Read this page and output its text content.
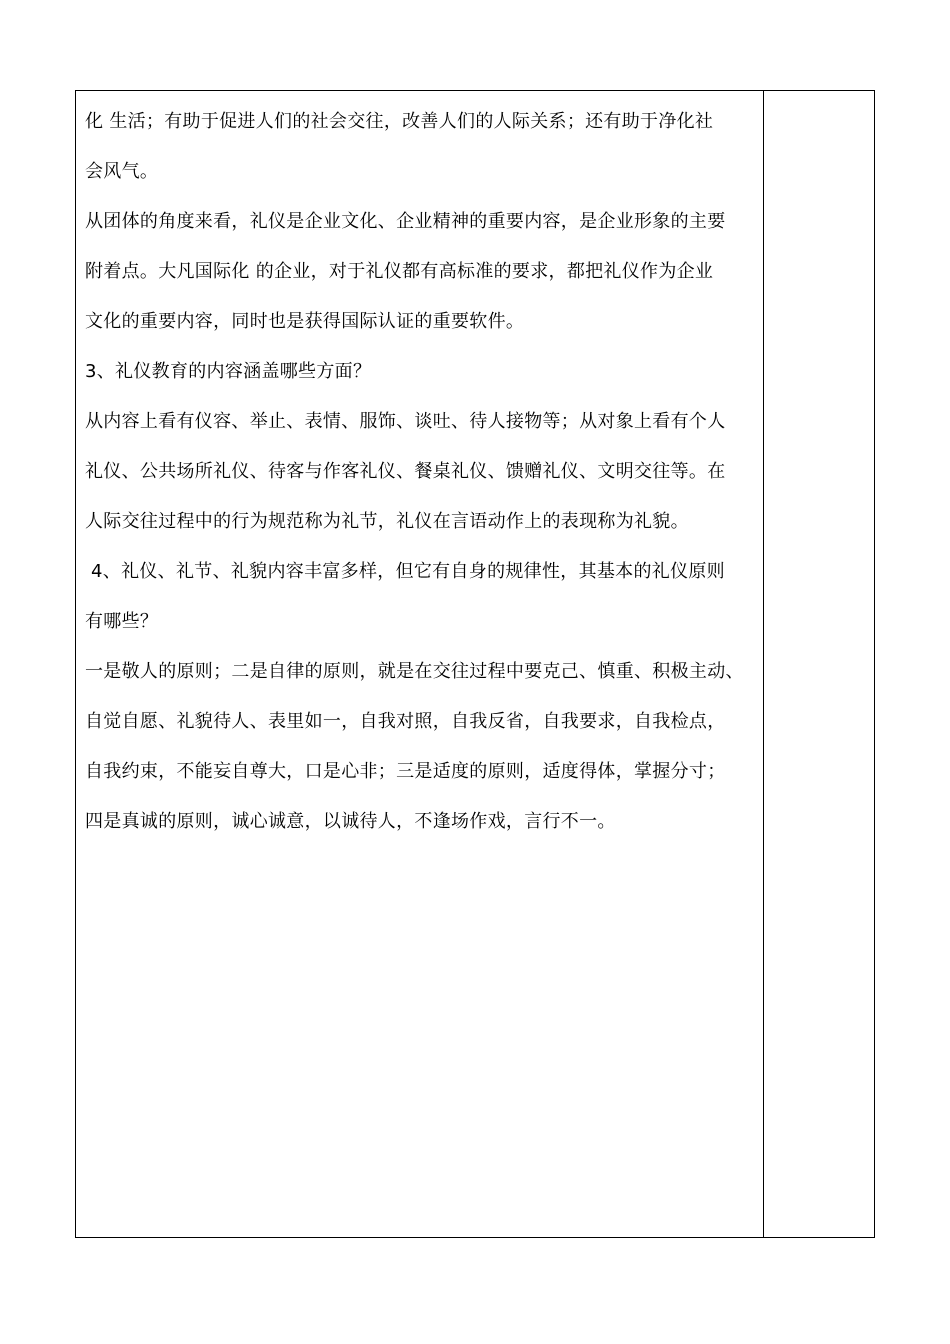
化 生活；有助于促进人们的社会交往，改善人们的人际关系；还有助于净化社
会风气。
从团体的角度来看，礼仪是企业文化、企业精神的重要内容，是企业形象的主要
附着点。大凡国际化 的企业，对于礼仪都有高标准的要求，都把礼仪作为企业
文化的重要内容，同时也是获得国际认证的重要软件。
3、礼仪教育的内容涵盖哪些方面？
从内容上看有仪容、举止、表情、服饰、谈吐、待人接物等；从对象上看有个人
礼仪、公共场所礼仪、待客与作客礼仪、餐桌礼仪、馈赠礼仪、文明交往等。在
人际交往过程中的行为规范称为礼节，礼仪在言语动作上的表现称为礼貌。
4、礼仪、礼节、礼貌内容丰富多样，但它有自身的规律性，其基本的礼仪原则
有哪些？
一是敬人的原则；二是自律的原则，就是在交往过程中要克己、慎重、积极主动、
自觉自愿、礼貌待人、表里如一，自我对照，自我反省，自我要求，自我检点，
自我约束，不能妄自尊大，口是心非；三是适度的原则，适度得体，掌握分寸；
四是真诚的原则，诚心诚意，以诚待人，不逢场作戏，言行不一。
